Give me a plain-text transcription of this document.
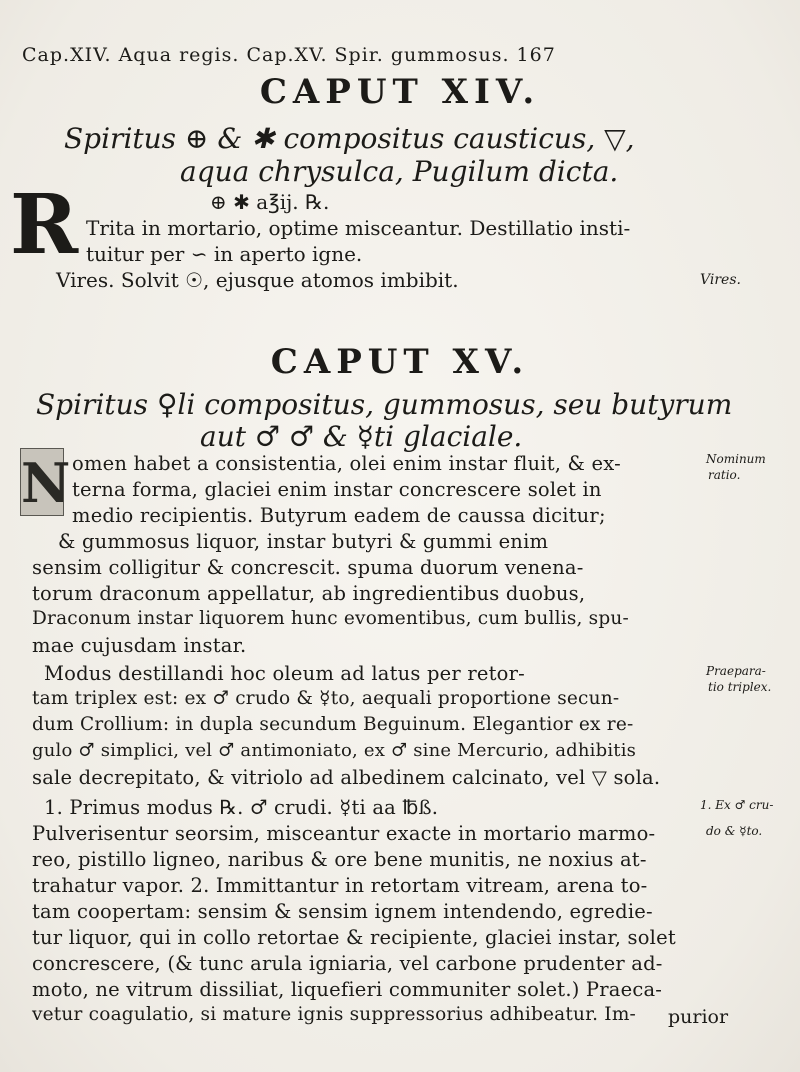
Cap.XIV. Aqua regis. Cap.XV. Spir. gummosus. 167
CAPUT XIV.
Spiritus ⊕ & ✱ compositus causticus, ▽,
aqua chrysulca, Pugilum dicta.
R	⊕ ✱ a℥ij. ℞.
Trita in mortario, optime misceantur. Destillatio insti-
tuitur per ∽ in aperto igne.
Vires. Solvit ☉, ejusque atomos imbibit.	Vires.
CAPUT XV.
Spiritus ♀li compositus, gummosus, seu butyrum
aut ♂ ♂ & ☿ti glaciale.
N omen habet a consistentia, olei enim instar fluit, & ex-
terna forma, glaciei enim instar concrescere solet in
medio recipientis. Butyrum eadem de caussa dicitur;
& gummosus liquor, instar butyri & gummi enim
sensim colligitur & concrescit. spuma duorum venena-
torum draconum appellatur, ab ingredientibus duobus,
Draconum instar liquorem hunc evomentibus, cum bullis, spu-
mae cujusdam instar.
Modus destillandi hoc oleum ad latus per retor-
tam triplex est: ex ♂ crudo & ☿to, aequali proportione secun-
dum Crollium: in dupla secundum Beguinum. Elegantior ex re-
gulo ♂ simplici, vel ♂ antimoniato, ex ♂ sine Mercurio, adhibitis
sale decrepitato, & vitriolo ad albedinem calcinato, vel ▽ sola.
1. Primus modus ℞. ♂ crudi. ☿ti aa ℔ß.
Pulverisentur seorsim, misceantur exacte in mortario marmo-
reo, pistillo ligneo, naribus & ore bene munitis, ne noxius at-
trahatur vapor. 2. Immittantur in retortam vitream, arena to-
tam coopertam: sensim & sensim ignem intendendo, egredie-
tur liquor, qui in collo retortae & recipiente, glaciei instar, solet
concrescere, (& tunc arula igniaria, vel carbone prudenter ad-
moto, ne vitrum dissiliat, liquefieri communiter solet.) Praeca-
vetur coagulatio, si mature ignis suppressorius adhibeatur. Im-
Nominum
ratio.
Praepara-
tio triplex.
1. Ex ♂ cru-
do & ☿to.
purior
